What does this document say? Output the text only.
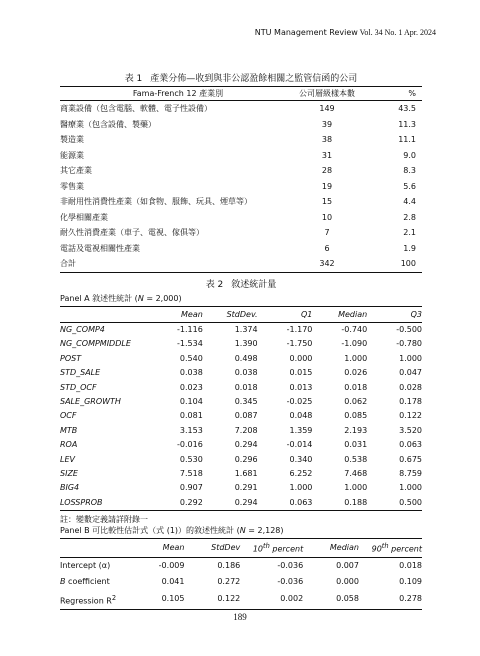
NTU Management Review Vol. 34 No. 1 Apr. 2024
表 1 產業分佈—收到與非公認盈餘相關之監管信函的公司
Fama-French 12 產業別	公司層級樣本數	%
商業設備（包含電腦、軟體、電子性設備）	149	43.5
醫療業（包含設備、製藥）	39	11.3
製造業	38	11.1
能源業	31	9.0
其它產業	28	8.3
零售業	19	5.6
非耐用性消費性產業（如食物、服飾、玩具、煙草等）	15	4.4
化學相關產業	10	2.8
耐久性消費產業（車子、電視、傢俱等）	7	2.1
電話及電視相關性產業	6	1.9
合計	342	100
表 2 敘述統計量
Panel A 敘述性統計 (N = 2,000)
	Mean	StdDev.	Q1	Median	Q3
NG_COMP4	-1.116	1.374	-1.170	-0.740	-0.500
NG_COMPMIDDLE	-1.534	1.390	-1.750	-1.090	-0.780
POST	0.540	0.498	0.000	1.000	1.000
STD_SALE	0.038	0.038	0.015	0.026	0.047
STD_OCF	0.023	0.018	0.013	0.018	0.028
SALE_GROWTH	0.104	0.345	-0.025	0.062	0.178
OCF	0.081	0.087	0.048	0.085	0.122
MTB	3.153	7.208	1.359	2.193	3.520
ROA	-0.016	0.294	-0.014	0.031	0.063
LEV	0.530	0.296	0.340	0.538	0.675
SIZE	7.518	1.681	6.252	7.468	8.759
BIG4	0.907	0.291	1.000	1.000	1.000
LOSSPROB	0.292	0.294	0.063	0.188	0.500
註：變數定義請詳附錄一
Panel B 可比較性估計式（式 (1)）的敘述性統計 (N = 2,128)
	Mean	StdDev	10th percent	Median	90th percent
Intercept (α)	-0.009	0.186	-0.036	0.007	0.018
B coefficient	0.041	0.272	-0.036	0.000	0.109
Regression $R^2$	0.105	0.122	0.002	0.058	0.278
189
